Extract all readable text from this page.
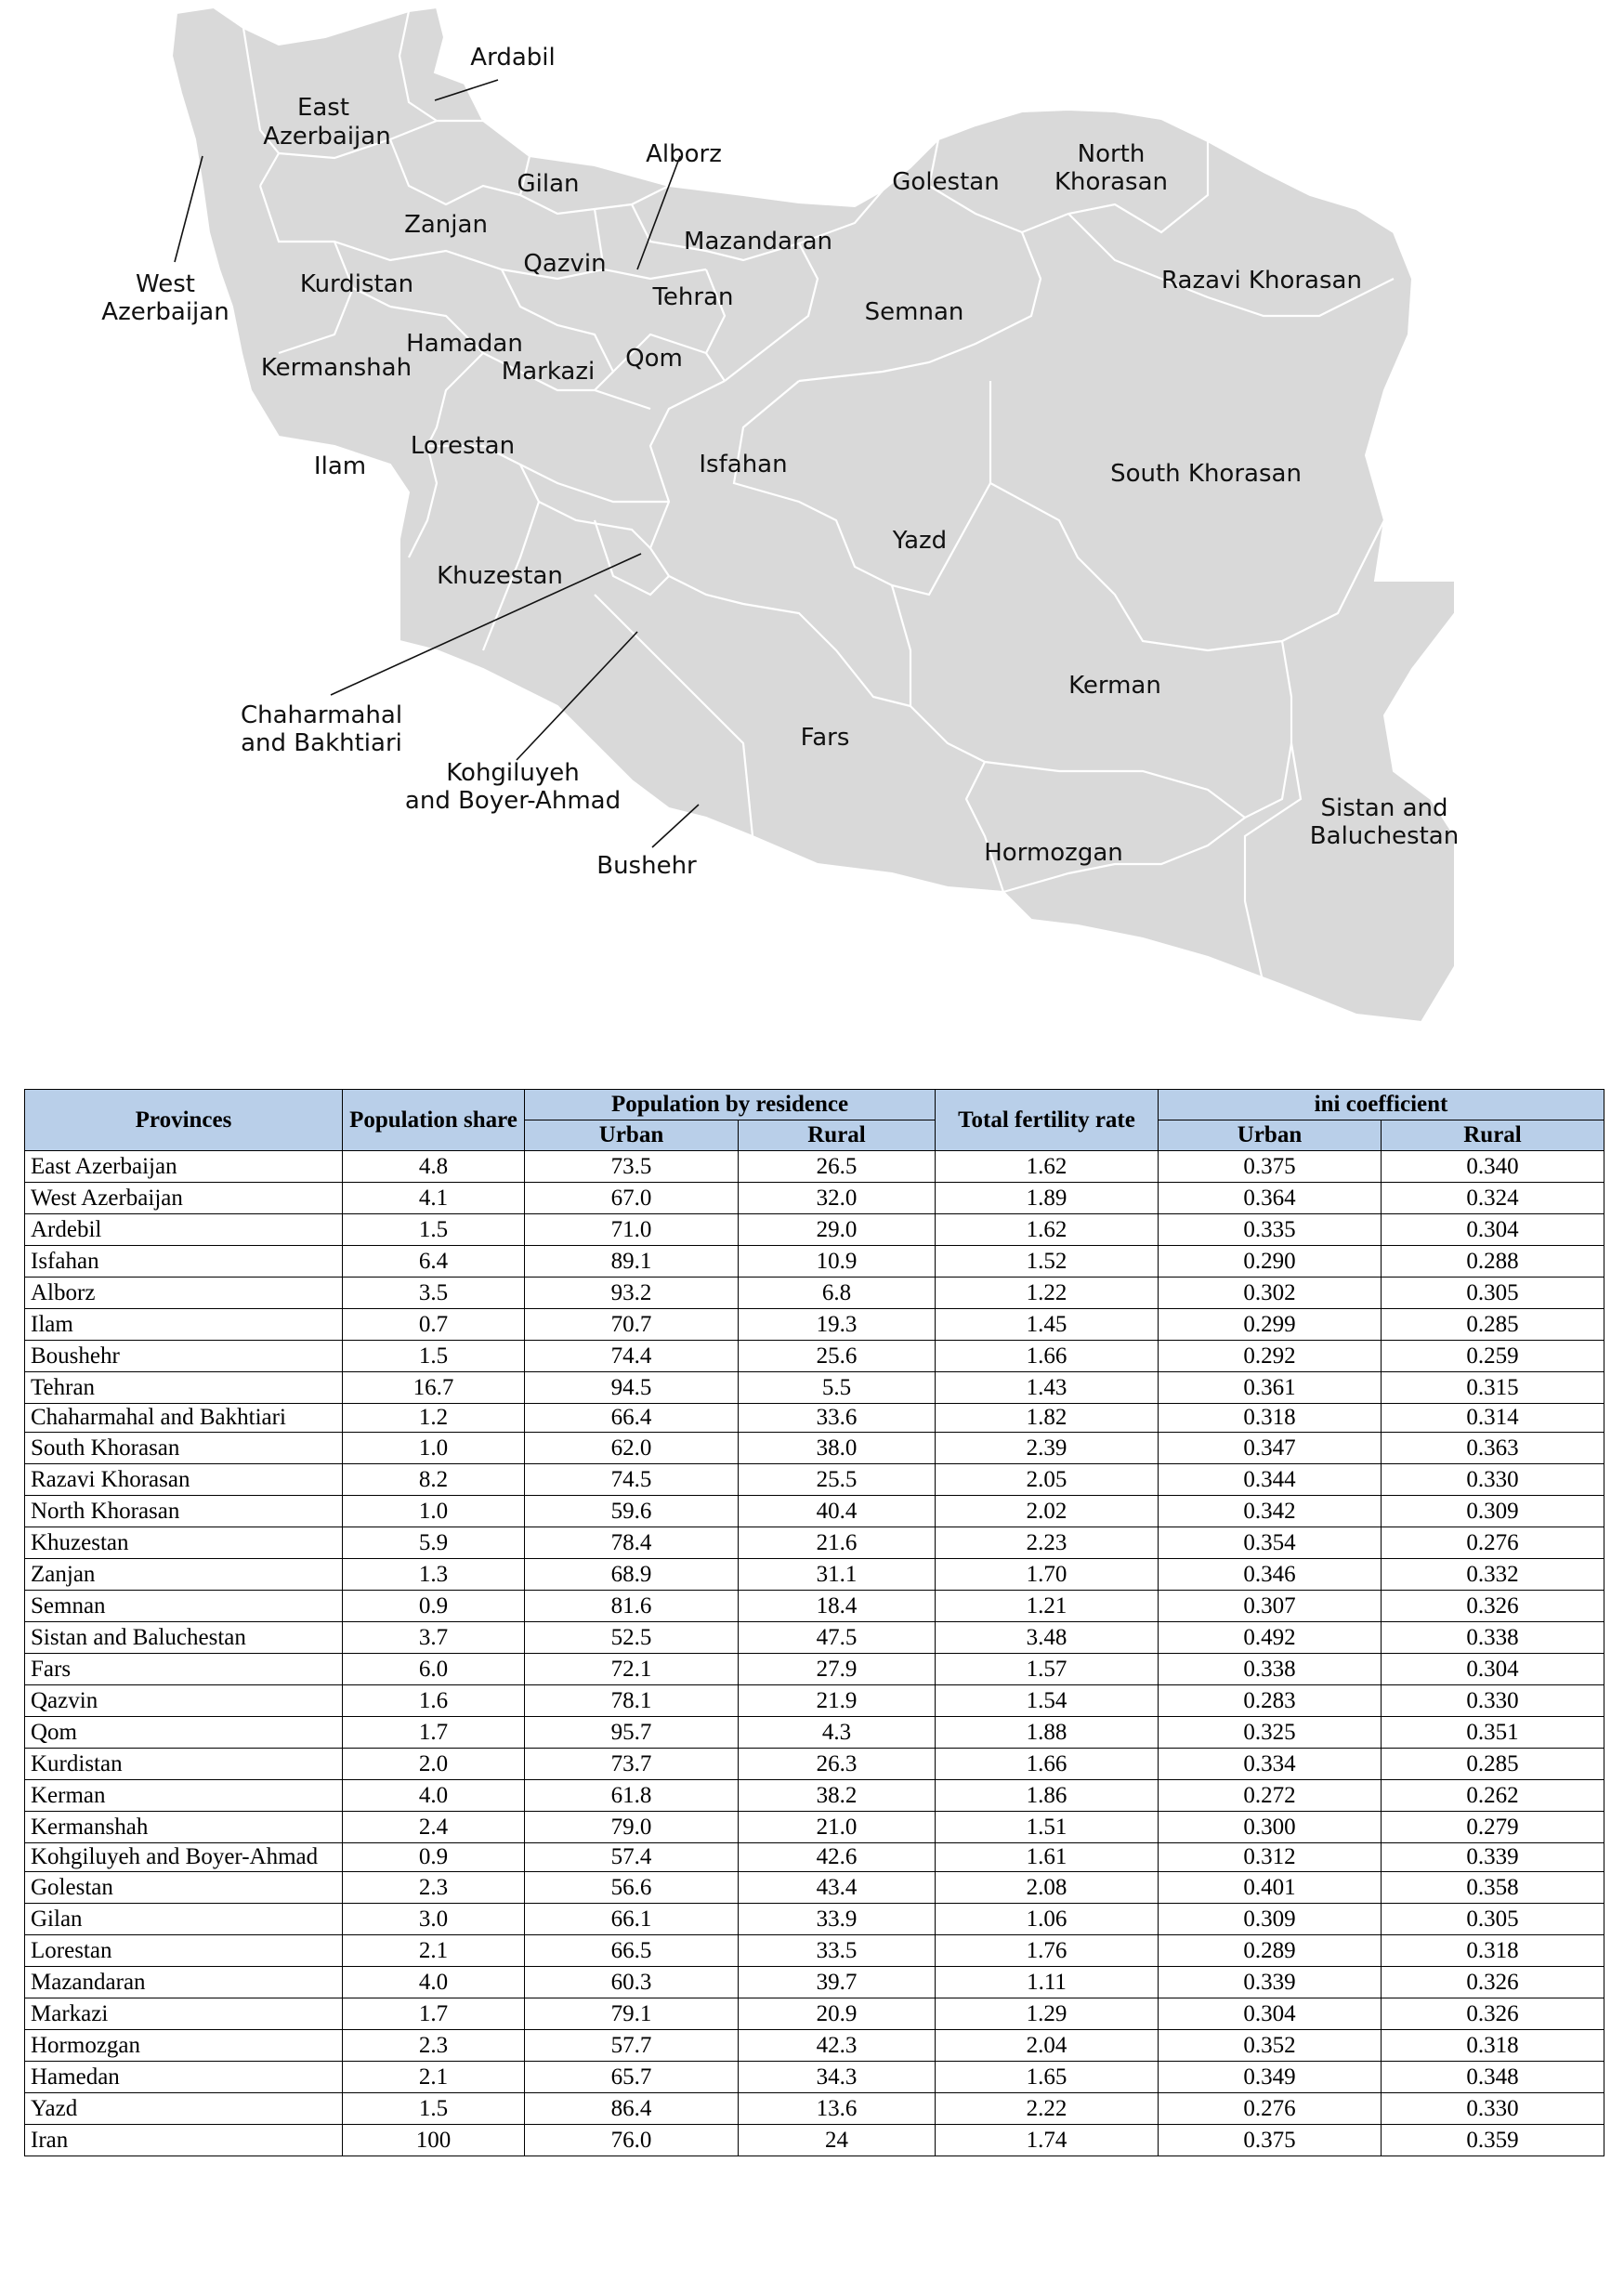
Ardabil
East
Azerbaijan
West
Azerbaijan
Gilan
Alborz
Golestan
North
Khorasan
Zanjan
Mazandaran
Qazvin
Kurdistan	Tehran
Semnan
Razavi Khorasan
Hamadan
Kermanshah	Markazi Qom
Lorestan
Ilam	Isfahan	South Khorasan
Yazd
Khuzestan
Kerman
Chaharmahal
and Bakhtiari	Fars
Kohgiluyeh
and Boyer-Ahmad	Sistan and
Baluchestan
Hormozgan
Bushehr
Provinces	Population share	Population by residence		Total fertility rate	ini coefficient	
		Urban	Rural		Urban	Rural
East Azerbaijan	4.8	73.5	26.5	1.62	0.375	0.340
West Azerbaijan	4.1	67.0	32.0	1.89	0.364	0.324
Ardebil	1.5	71.0	29.0	1.62	0.335	0.304
Isfahan	6.4	89.1	10.9	1.52	0.290	0.288
Alborz	3.5	93.2	6.8	1.22	0.302	0.305
Ilam	0.7	70.7	19.3	1.45	0.299	0.285
Boushehr	1.5	74.4	25.6	1.66	0.292	0.259
Tehran	16.7	94.5	5.5	1.43	0.361	0.315
Chaharmahal and Bakhtiari	1.2	66.4	33.6	1.82	0.318	0.314
South Khorasan	1.0	62.0	38.0	2.39	0.347	0.363
Razavi Khorasan	8.2	74.5	25.5	2.05	0.344	0.330
North Khorasan	1.0	59.6	40.4	2.02	0.342	0.309
Khuzestan	5.9	78.4	21.6	2.23	0.354	0.276
Zanjan	1.3	68.9	31.1	1.70	0.346	0.332
Semnan	0.9	81.6	18.4	1.21	0.307	0.326
Sistan and Baluchestan	3.7	52.5	47.5	3.48	0.492	0.338
Fars	6.0	72.1	27.9	1.57	0.338	0.304
Qazvin	1.6	78.1	21.9	1.54	0.283	0.330
Qom	1.7	95.7	4.3	1.88	0.325	0.351
Kurdistan	2.0	73.7	26.3	1.66	0.334	0.285
Kerman	4.0	61.8	38.2	1.86	0.272	0.262
Kermanshah	2.4	79.0	21.0	1.51	0.300	0.279
Kohgiluyeh and Boyer-Ahmad	0.9	57.4	42.6	1.61	0.312	0.339
Golestan	2.3	56.6	43.4	2.08	0.401	0.358
Gilan	3.0	66.1	33.9	1.06	0.309	0.305
Lorestan	2.1	66.5	33.5	1.76	0.289	0.318
Mazandaran	4.0	60.3	39.7	1.11	0.339	0.326
Markazi	1.7	79.1	20.9	1.29	0.304	0.326
Hormozgan	2.3	57.7	42.3	2.04	0.352	0.318
Hamedan	2.1	65.7	34.3	1.65	0.349	0.348
Yazd	1.5	86.4	13.6	2.22	0.276	0.330
Iran	100	76.0	24	1.74	0.375	0.359
